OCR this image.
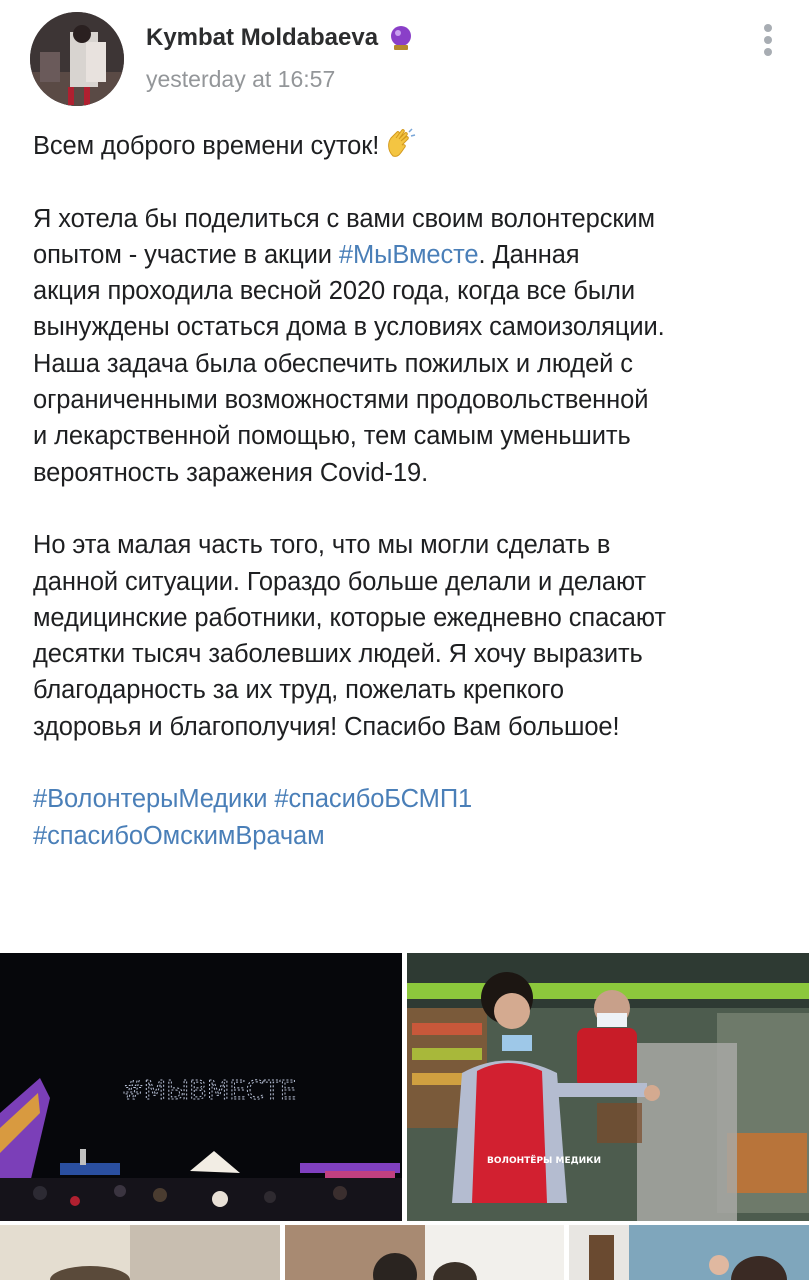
Kymbat Moldabaeva
yesterday at 16:57

Всем доброго времени суток!

Я хотела бы поделиться с вами своим волонтерским
опытом - участие в акции #МыВместе. Данная
акция проходила весной 2020 года, когда все были
вынуждены остаться дома в условиях самоизоляции.
Наша задача была обеспечить пожилых и людей с
ограниченными возможностями продовольственной
и лекарственной помощью, тем самым уменьшить
вероятность заражения Covid-19.

Но эта малая часть того, что мы могли сделать в
данной ситуации. Гораздо больше делали и делают
медицинские работники, которые ежедневно спасают
десятки тысяч заболевших людей. Я хочу выразить
благодарность за их труд, пожелать крепкого
здоровья и благополучия! Спасибо Вам большое!

#ВолонтерыМедики #спасибоБСМП1
#спасибоОмскимВрачам

#МЫВМЕСТЕ
ВОЛОНТЁРЫ МЕДИКИ
